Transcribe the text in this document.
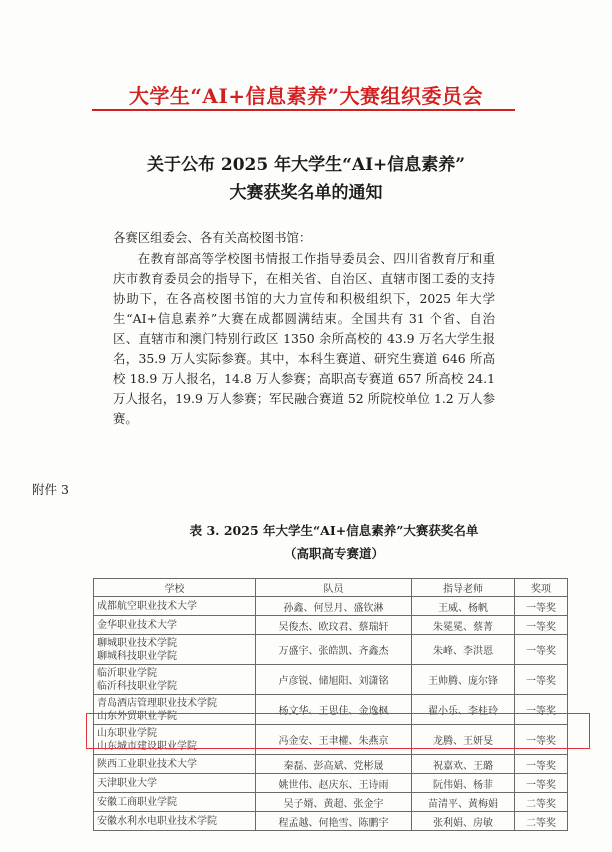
大学生“AI+信息素养”大赛组织委员会
关于公布 2025 年大学生“AI+信息素养”
大赛获奖名单的通知
各赛区组委会、各有关高校图书馆：
在教育部高等学校图书情报工作指导委员会、四川省教育厅和重庆市教育委员会的指导下，在相关省、自治区、直辖市图工委的支持协助下，在各高校图书馆的大力宣传和积极组织下，2025 年大学生“AI+信息素养”大赛在成都圆满结束。全国共有 31 个省、自治区、直辖市和澳门特别行政区 1350 余所高校的 43.9 万名大学生报名，35.9 万人实际参赛。其中，本科生赛道、研究生赛道 646 所高校 18.9 万人报名，14.8 万人参赛；高职高专赛道 657 所高校 24.1 万人报名，19.9 万人参赛；军民融合赛道 52 所院校单位 1.2 万人参赛。
附件 3
表 3. 2025 年大学生“AI+信息素养”大赛获奖名单
（高职高专赛道）
学校	队员	指导老师	奖项

成都航空职业技术大学	孙鑫、何昱月、盛钦淋	王威、杨帆	一等奖

金华职业技术大学	吴俊杰、欧玟君、蔡瑞轩	朱冕冕、蔡菁	一等奖

聊城职业技术学院
聊城科技职业学院	万盛宇、张皓凯、齐鑫杰	朱峰、李洪恩	一等奖

临沂职业学院
临沂科技职业学院	卢彦锐、储旭阳、刘潇铭	王帅腾、庞尔锋	一等奖

青岛酒店管理职业技术学院
山东外贸职业学院	杨文华、王思佳、金逸枫	翟小乐、李桂玲	一等奖

山东职业学院
山东城市建设职业学院	冯金安、王聿權、朱燕京	龙腾、王妍旻	一等奖

陕西工业职业技术大学	秦磊、彭高斌、党彬晟	祝嘉欢、王璐	一等奖

天津职业大学	姚世伟、赵庆东、王诗雨	阮伟娟、杨菲	一等奖

安徽工商职业学院	吴子婿、黄超、张金宇	苗清平、黄梅娟	二等奖

安徽水利水电职业技术学院	程孟越、何艳雪、陈鹏宇	张利娟、房敏	二等奖
